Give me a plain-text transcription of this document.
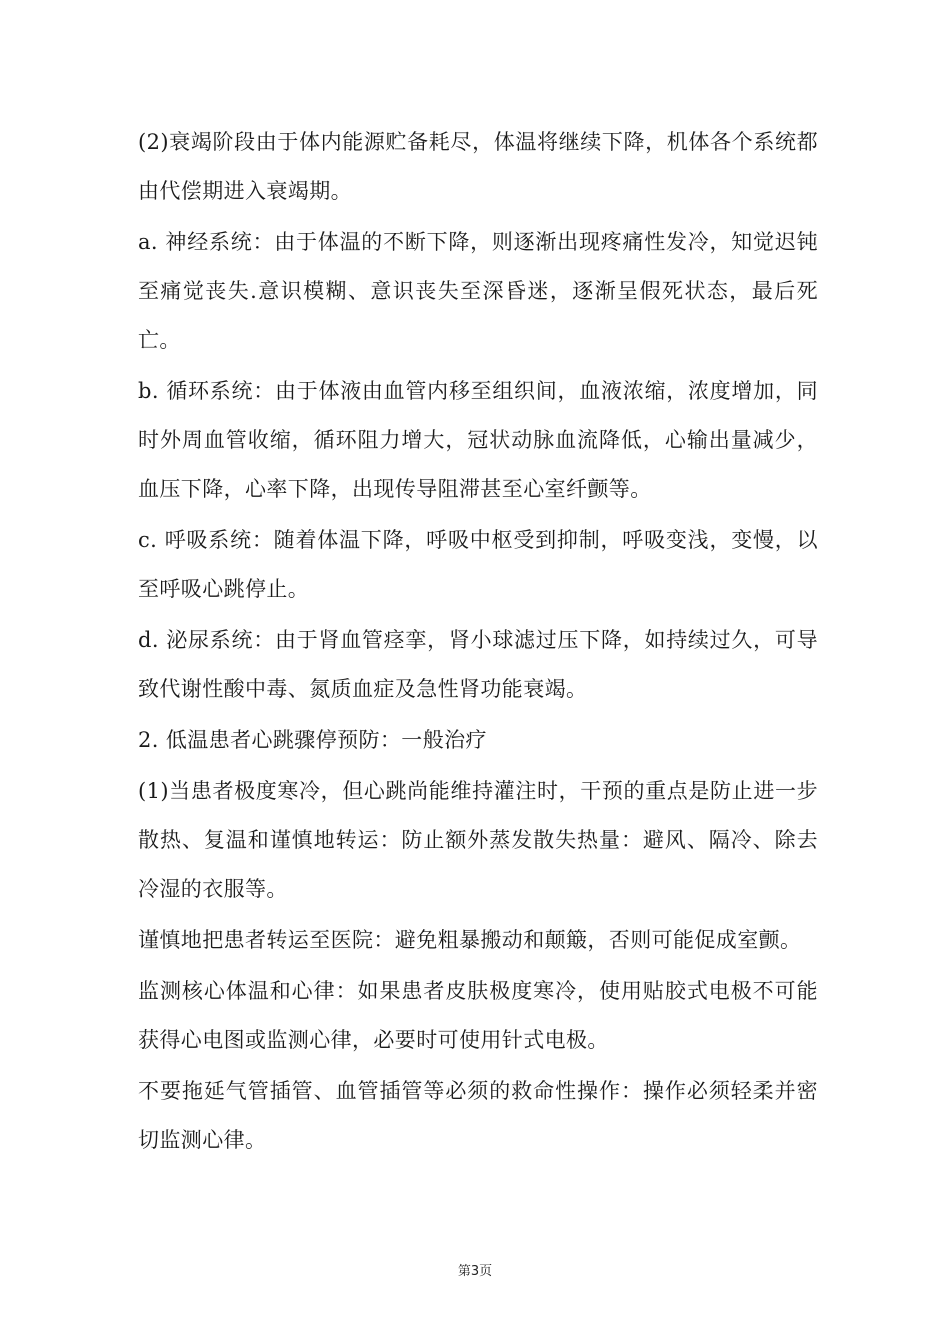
(2)衰竭阶段由于体内能源贮备耗尽，体温将继续下降，机体各个系统都由代偿期进入衰竭期。

a. 神经系统：由于体温的不断下降，则逐渐出现疼痛性发冷，知觉迟钝至痛觉丧失.意识模糊、意识丧失至深昏迷，逐渐呈假死状态，最后死亡。

b. 循环系统：由于体液由血管内移至组织间，血液浓缩，浓度增加，同时外周血管收缩，循环阻力增大，冠状动脉血流降低，心输出量减少，血压下降，心率下降，出现传导阻滞甚至心室纤颤等。

c. 呼吸系统：随着体温下降，呼吸中枢受到抑制，呼吸变浅，变慢，以至呼吸心跳停止。

d. 泌尿系统：由于肾血管痉挛，肾小球滤过压下降，如持续过久，可导致代谢性酸中毒、氮质血症及急性肾功能衰竭。

2. 低温患者心跳骤停预防：一般治疗

(1)当患者极度寒冷，但心跳尚能维持灌注时，干预的重点是防止进一步散热、复温和谨慎地转运：防止额外蒸发散失热量：避风、隔冷、除去冷湿的衣服等。

谨慎地把患者转运至医院：避免粗暴搬动和颠簸，否则可能促成室颤。

监测核心体温和心律：如果患者皮肤极度寒冷，使用贴胶式电极不可能获得心电图或监测心律，必要时可使用针式电极。

不要拖延气管插管、血管插管等必须的救命性操作：操作必须轻柔并密切监测心律。

第3页
